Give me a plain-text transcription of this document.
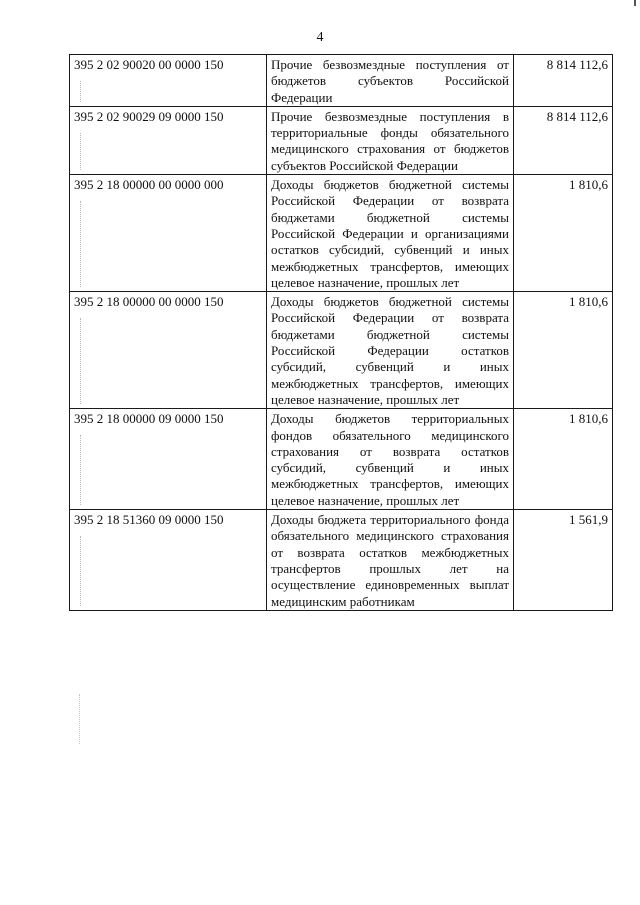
4
395 2 02 90020 00 0000 150	Прочие безвозмездные поступления от бюджетов субъектов Российской Федерации	8 814 112,6
395 2 02 90029 09 0000 150	Прочие безвозмездные поступления в территориальные фонды обязательного медицинского страхования от бюджетов субъектов Российской Федерации	8 814 112,6
395 2 18 00000 00 0000 000	Доходы бюджетов бюджетной системы Российской Федерации от возврата бюджетами бюджетной системы Российской Федерации и организациями остатков субсидий, субвенций и иных межбюджетных трансфертов, имеющих целевое назначение, прошлых лет	1 810,6
395 2 18 00000 00 0000 150	Доходы бюджетов бюджетной системы Российской Федерации от возврата бюджетами бюджетной системы Российской Федерации остатков субсидий, субвенций и иных межбюджетных трансфертов, имеющих целевое назначение, прошлых лет	1 810,6
395 2 18 00000 09 0000 150	Доходы бюджетов территориальных фондов обязательного медицинского страхования от возврата остатков субсидий, субвенций и иных межбюджетных трансфертов, имеющих целевое назначение, прошлых лет	1 810,6
395 2 18 51360 09 0000 150	Доходы бюджета территориального фонда обязательного медицинского страхования от возврата остатков межбюджетных трансфертов прошлых лет на осуществление единовременных выплат медицинским работникам	1 561,9
